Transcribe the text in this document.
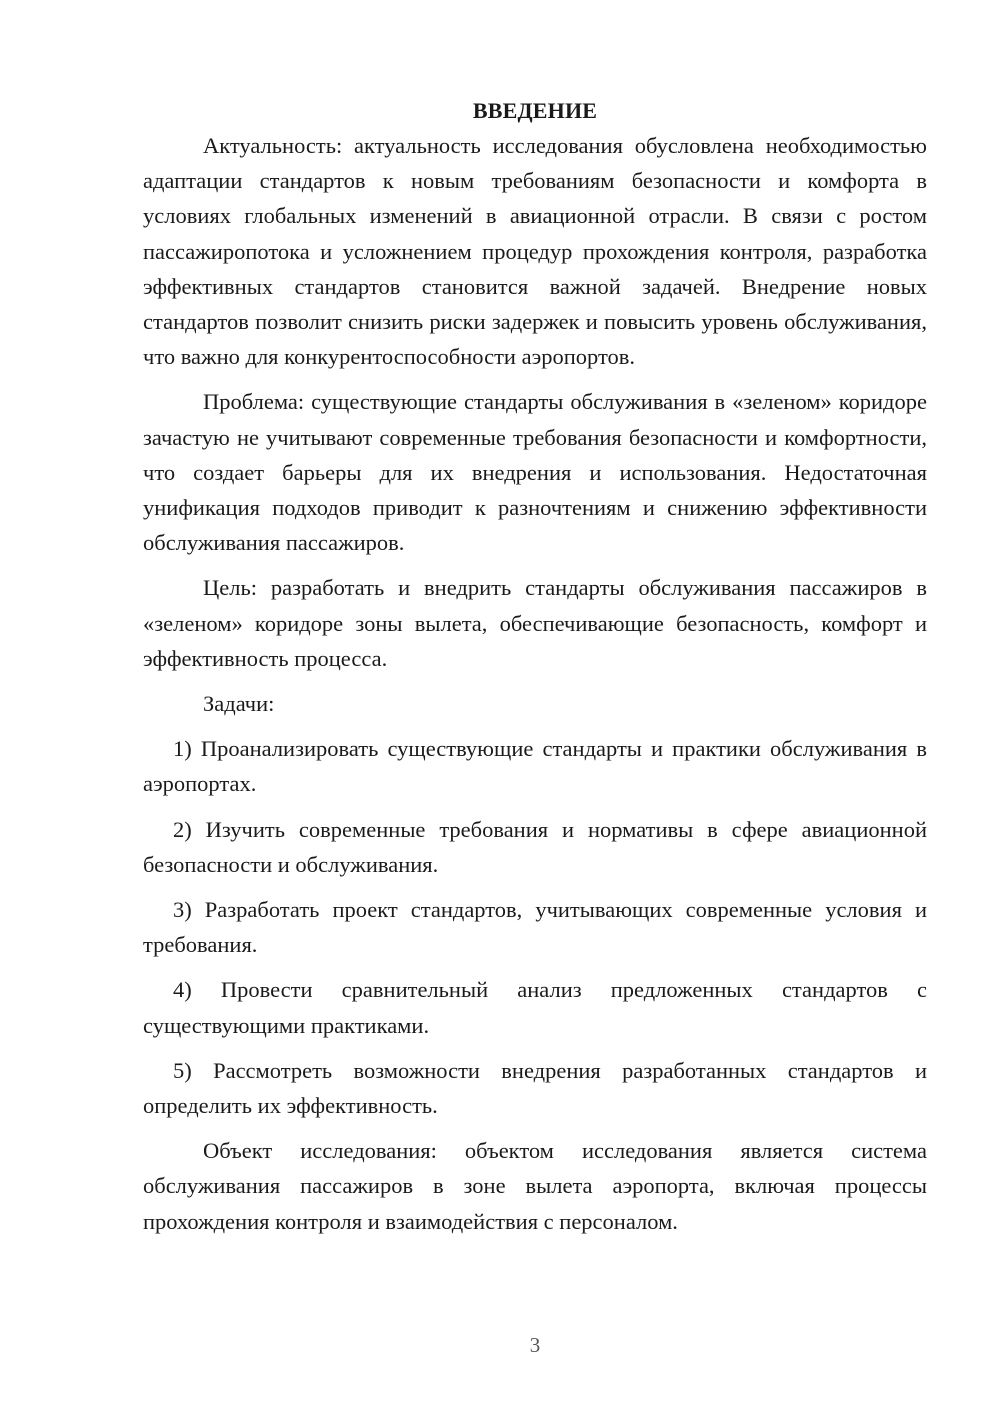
ВВЕДЕНИЕ

Актуальность: актуальность исследования обусловлена необходимостью адаптации стандартов к новым требованиям безопасности и комфорта в условиях глобальных изменений в авиационной отрасли. В связи с ростом пассажиропотока и усложнением процедур прохождения контроля, разработка эффективных стандартов становится важной задачей. Внедрение новых стандартов позволит снизить риски задержек и повысить уровень обслуживания, что важно для конкурентоспособности аэропортов.

Проблема: существующие стандарты обслуживания в «зеленом» коридоре зачастую не учитывают современные требования безопасности и комфортности, что создает барьеры для их внедрения и использования. Недостаточная унификация подходов приводит к разночтениям и снижению эффективности обслуживания пассажиров.

Цель: разработать и внедрить стандарты обслуживания пассажиров в «зеленом» коридоре зоны вылета, обеспечивающие безопасность, комфорт и эффективность процесса.

Задачи:

1) Проанализировать существующие стандарты и практики обслуживания в аэропортах.

2) Изучить современные требования и нормативы в сфере авиационной безопасности и обслуживания.

3) Разработать проект стандартов, учитывающих современные условия и требования.

4) Провести сравнительный анализ предложенных стандартов с существующими практиками.

5) Рассмотреть возможности внедрения разработанных стандартов и определить их эффективность.

Объект исследования: объектом исследования является система обслуживания пассажиров в зоне вылета аэропорта, включая процессы прохождения контроля и взаимодействия с персоналом.

3
